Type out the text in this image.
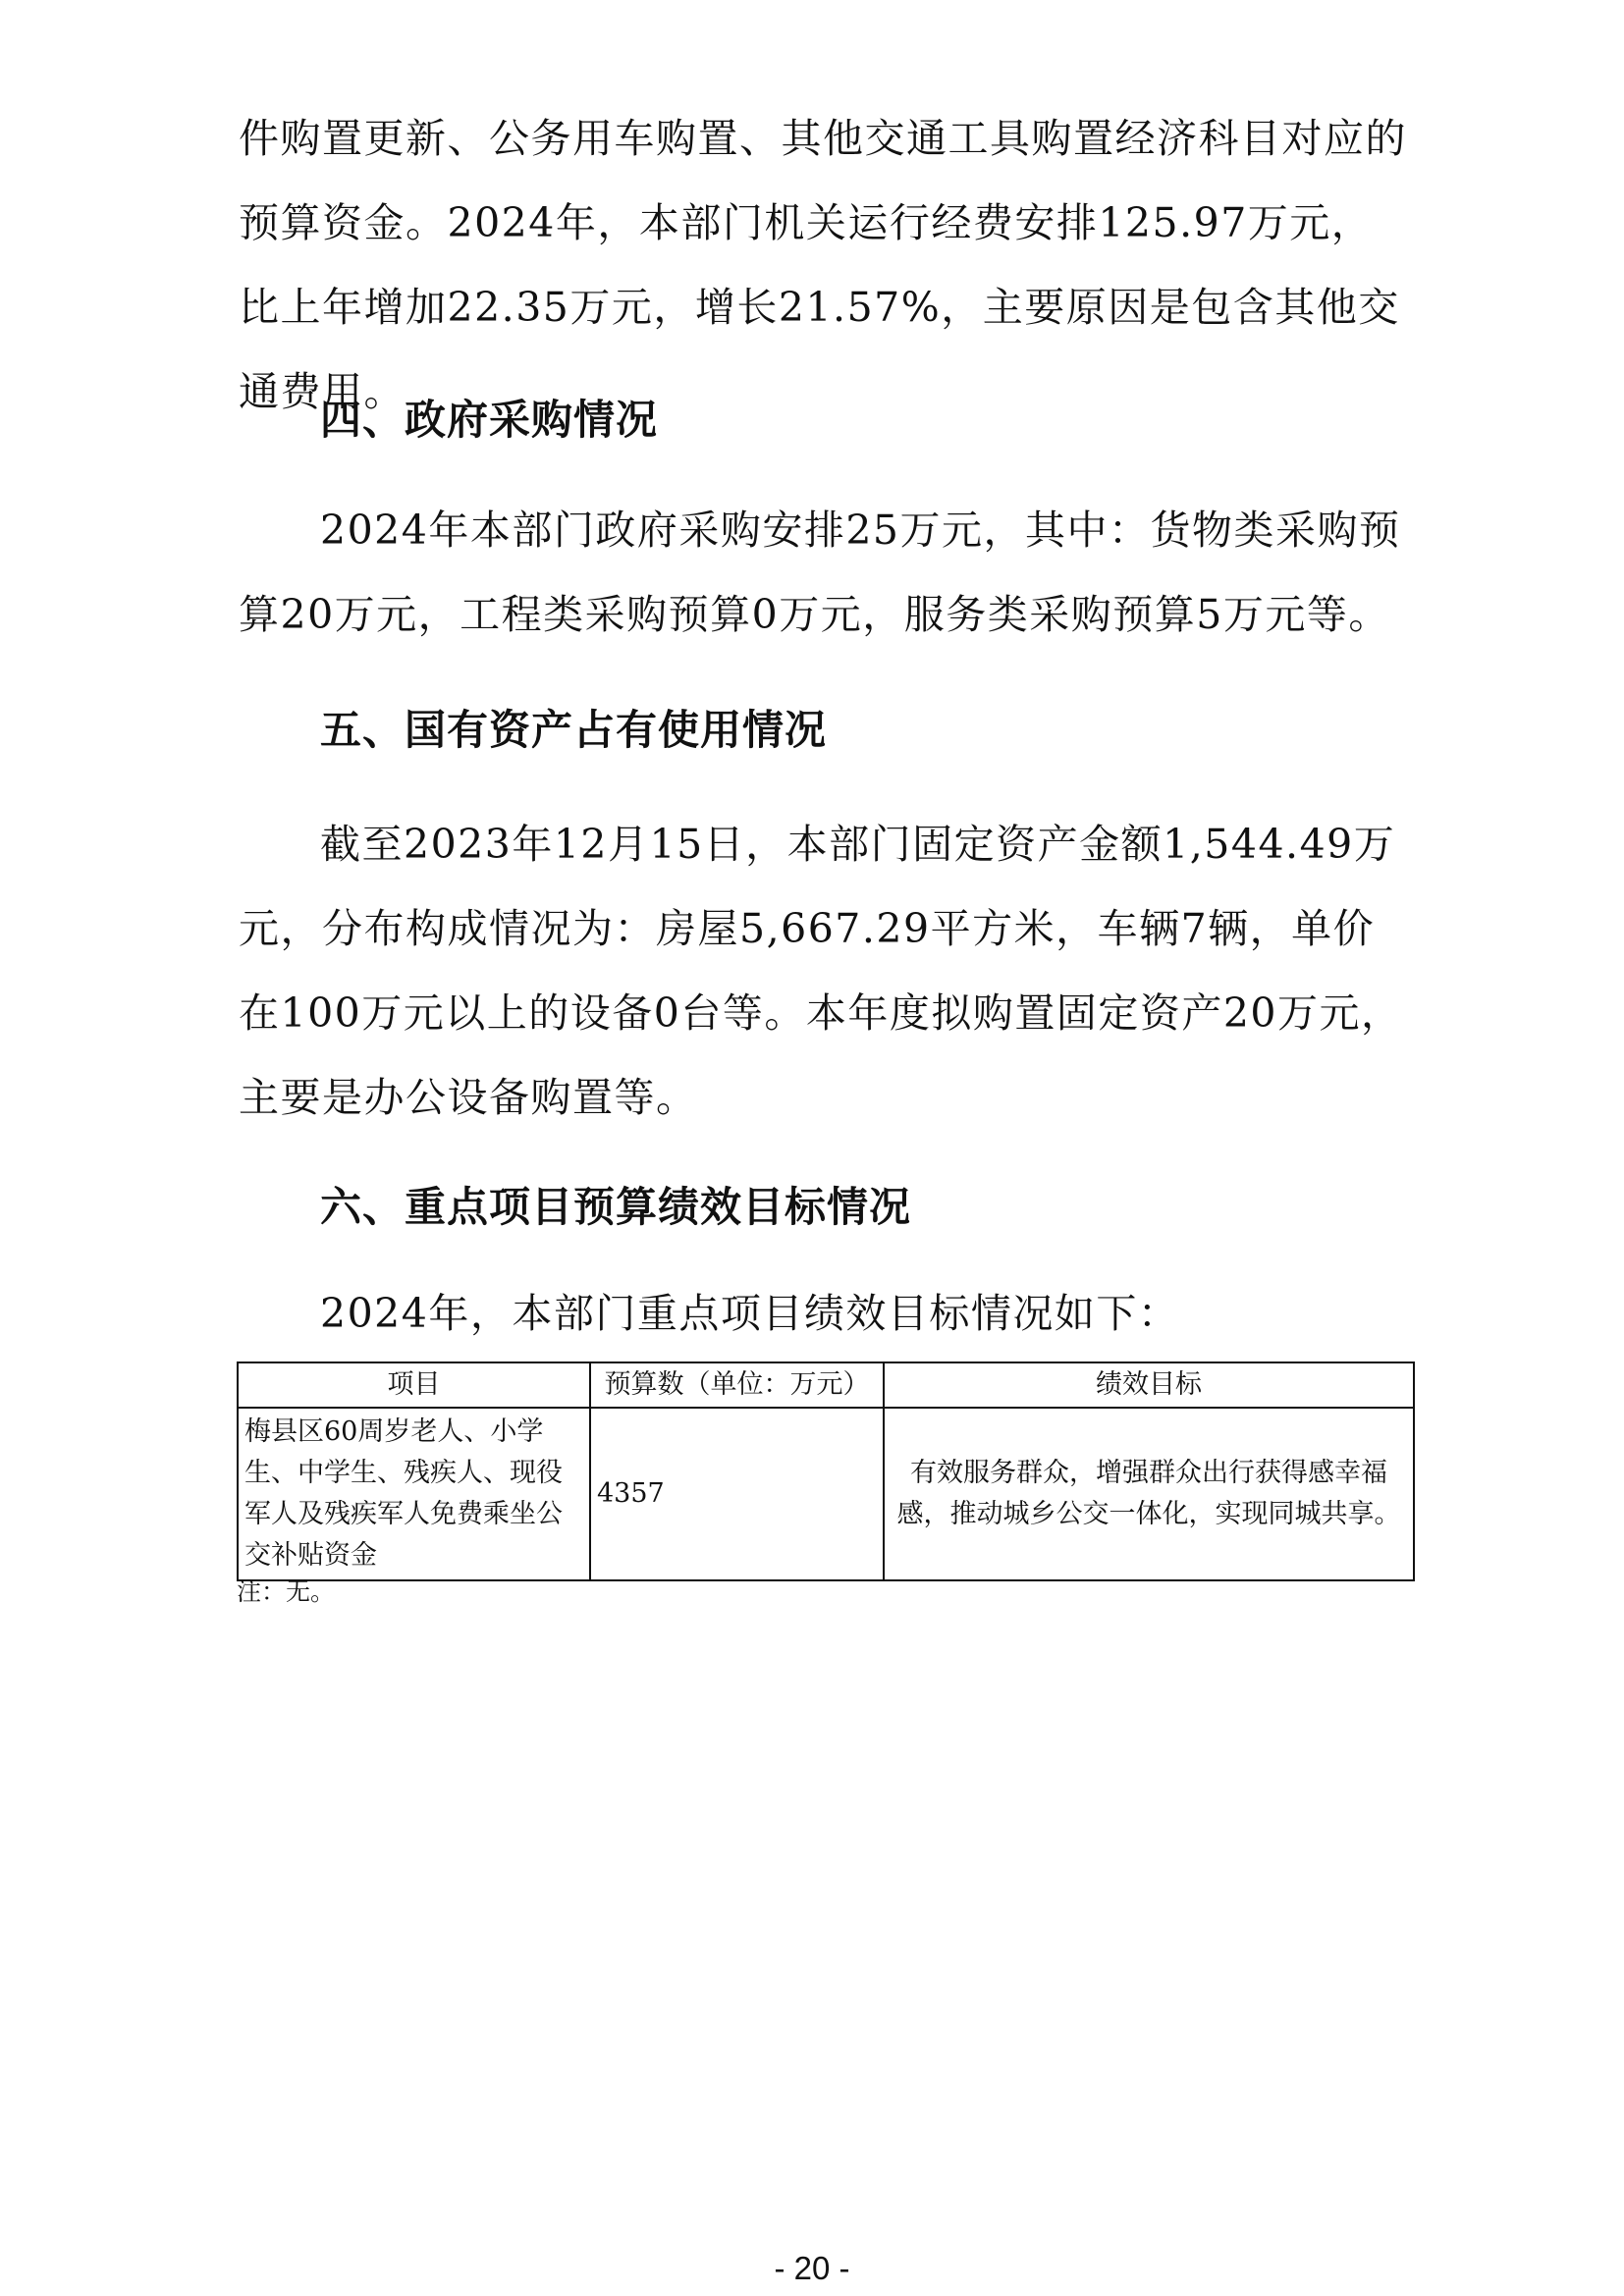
件购置更新、公务用车购置、其他交通工具购置经济科目对应的预算资金。2024年，本部门机关运行经费安排125.97万元，比上年增加22.35万元，增长21.57%，主要原因是包含其他交通费用。

四、政府采购情况

2024年本部门政府采购安排25万元，其中：货物类采购预算20万元，工程类采购预算0万元，服务类采购预算5万元等。

五、国有资产占有使用情况

截至2023年12月15日，本部门固定资产金额1,544.49万元，分布构成情况为：房屋5,667.29平方米，车辆7辆，单价在100万元以上的设备0台等。本年度拟购置固定资产20万元，主要是办公设备购置等。

六、重点项目预算绩效目标情况

2024年，本部门重点项目绩效目标情况如下：

项目	预算数（单位：万元）	绩效目标
梅县区60周岁老人、小学生、中学生、残疾人、现役军人及残疾军人免费乘坐公交补贴资金	4357	有效服务群众，增强群众出行获得感幸福感，推动城乡公交一体化，实现同城共享。

注：无。

- 20 -
